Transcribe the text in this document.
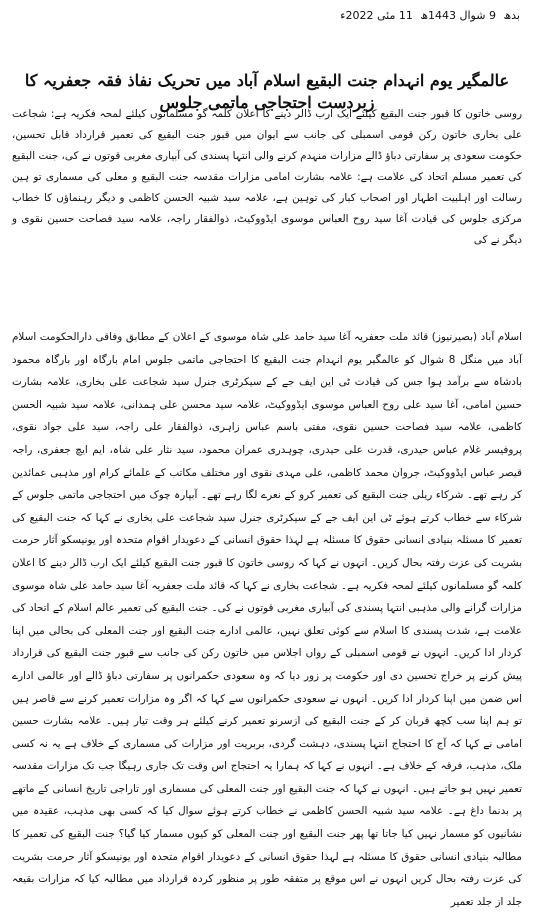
بدھ 9 شوال 1443ھ 11 مئی 2022ء
عالمگیر یوم انہدام جنت البقیع اسلام آباد میں تحریک نفاذ فقہ جعفریہ کا زبردست احتجاجی ماتمی جلوس
روسی خاتون کا قبور جنت البقیع کیلئے ایک ارب ڈالر دینے کا اعلان کلمہ گو مسلمانوں کیلئے لمحہ فکریہ ہے: شجاعت علی بخاری خاتون رکن قومی اسمبلی کی جانب سے ایوان میں قبور جنت البقیع کی تعمیر قرارداد قابل تحسین، حکومت سعودی پر سفارتی دباؤ ڈالے مزارات منہدم کرنے والی انتہا پسندی کی آبیاری مغربی قوتوں نے کی، جنت البقیع کی تعمیر مسلم اتحاد کی علامت ہے: علامہ بشارت امامی مزارات مقدسہ جنت البقیع و معلی کی مسماری تو ہین رسالت اور اہلبیت اطہار اور اصحاب کبار کی توہین ہے، علامہ سید شبیہ الحسن کاظمی و دیگر رہنماؤں کا خطاب مرکزی جلوس کی قیادت آغا سید روح العباس موسوی ایڈووکیٹ، ذوالفقار راجہ، علامہ سید فصاحت حسین نقوی و دیگر نے کی
اسلام آباد (بصیرنیوز) قائد ملت جعفریہ آغا سید حامد علی شاہ موسوی کے اعلان کے مطابق وفاقی دارالحکومت اسلام آباد میں منگل 8 شوال کو عالمگیر یوم انہدام جنت البقیع کا احتجاجی ماتمی جلوس امام بارگاہ اور بارگاہ محمود بادشاہ سے برآمد ہوا جس کی قیادت ٹی این ایف جے کے سیکرٹری جنرل سید شجاعت علی بخاری، علامہ بشارت حسین امامی، آغا سید علی روح العباس موسوی ایڈووکیٹ، علامہ سید محسن علی ہمدانی، علامہ سید شبیہ الحسن کاظمی، علامہ سید فصاحت حسین نقوی، مفتی باسم عباس زاہری، ذوالفقار علی راجہ، سید علی جواد نقوی، پروفیسر غلام عباس حیدری، قدرت علی حیدری، چوہدری عمران محمود، سید نثار علی شاہ، ایم ایچ جعفری، راجہ قیصر عباس ایڈووکیٹ، جروان محمد کاظمی، علی مہدی نقوی اور مختلف مکاتب کے علمائے کرام اور مذہبی عمائدین کر رہے تھے۔ شرکاء ریلی جنت البقیع کی تعمیر کرو کے نعرے لگا رہے تھے۔ آبپارہ چوک میں احتجاجی ماتمی جلوس کے شرکاء سے خطاب کرتے ہوئے ٹی این ایف جے کے سیکرٹری جنرل سید شجاعت علی بخاری نے کہا کہ جنت البقیع کی تعمیر کا مسئلہ بنیادی انسانی حقوق کا مسئلہ ہے لہذا حقوق انسانی کے دعویدار اقوام متحدہ اور یونیسکو آثار حرمت بشریت کی عزت رفتہ بحال کریں۔ انہوں نے کہا کہ روسی خاتون کا قبور جنت البقیع کیلئے ایک ارب ڈالر دینے کا اعلان کلمہ گو مسلمانوں کیلئے لمحہ فکریہ ہے۔ شجاعت بخاری نے کہا کہ قائد ملت جعفریہ آغا سید حامد علی شاہ موسوی مزارات گرانے والی مذہبی انتہا پسندی کی آبیاری مغربی قوتوں نے کی۔ جنت البقیع کی تعمیر عالم اسلام کے اتحاد کی علامت ہے، شدت پسندی کا اسلام سے کوئی تعلق نہیں، عالمی ادارے جنت البقیع اور جنت المعلی کی بحالی میں اپنا کردار ادا کریں۔ انہوں نے قومی اسمبلی کے رواں اجلاس میں خاتون رکن کی جانب سے قبور جنت البقیع کی قرارداد پیش کرنے پر خراج تحسین دی اور حکومت پر زور دیا کہ وہ سعودی حکمرانوں پر سفارتی دباؤ ڈالے اور عالمی ادارے اس ضمن میں اپنا کردار ادا کریں۔ انہوں نے سعودی حکمرانوں سے کہا کہ اگر وہ مزارات تعمیر کرنے سے قاصر ہیں تو ہم اپنا سب کچھ قربان کر کے جنت البقیع کی ازسرنو تعمیر کرنے کیلئے ہر وقت تیار ہیں۔ علامہ بشارت حسین امامی نے کہا کہ آج کا احتجاج انتہا پسندی، دہشت گردی، بربریت اور مزارات کی مسماری کے خلاف ہے یہ نہ کسی ملک، مذہب، فرقہ کے خلاف ہے۔ انہوں نے کہا کہ ہمارا یہ احتجاج اس وقت تک جاری رہیگا جب تک مزارات مقدسہ تعمیر نہیں ہو جاتے ہیں۔ انہوں نے کہا کہ جنت البقیع اور جنت المعلی کی مسماری اور تاراجی تاریخ انسانی کے ماتھے پر بدنما داغ ہے۔ علامہ سید شبیہ الحسن کاظمی نے خطاب کرتے ہوئے سوال کیا کہ کسی بھی مذہب، عقیدہ میں نشانیوں کو مسمار نہیں کیا جاتا تھا پھر جنت البقیع اور جنت المعلی کو کیوں مسمار کیا گیا؟ جنت البقیع کی تعمیر کا مطالبہ بنیادی انسانی حقوق کا مسئلہ ہے لہذا حقوق انسانی کے دعویدار اقوام متحدہ اور یونیسکو آثار حرمت بشریت کی عزت رفتہ بحال کریں انہوں نے اس موقع پر متفقہ طور پر منظور کردہ قرارداد میں مطالبہ کیا کہ مزارات بقیعہ جلد از جلد تعمیر
